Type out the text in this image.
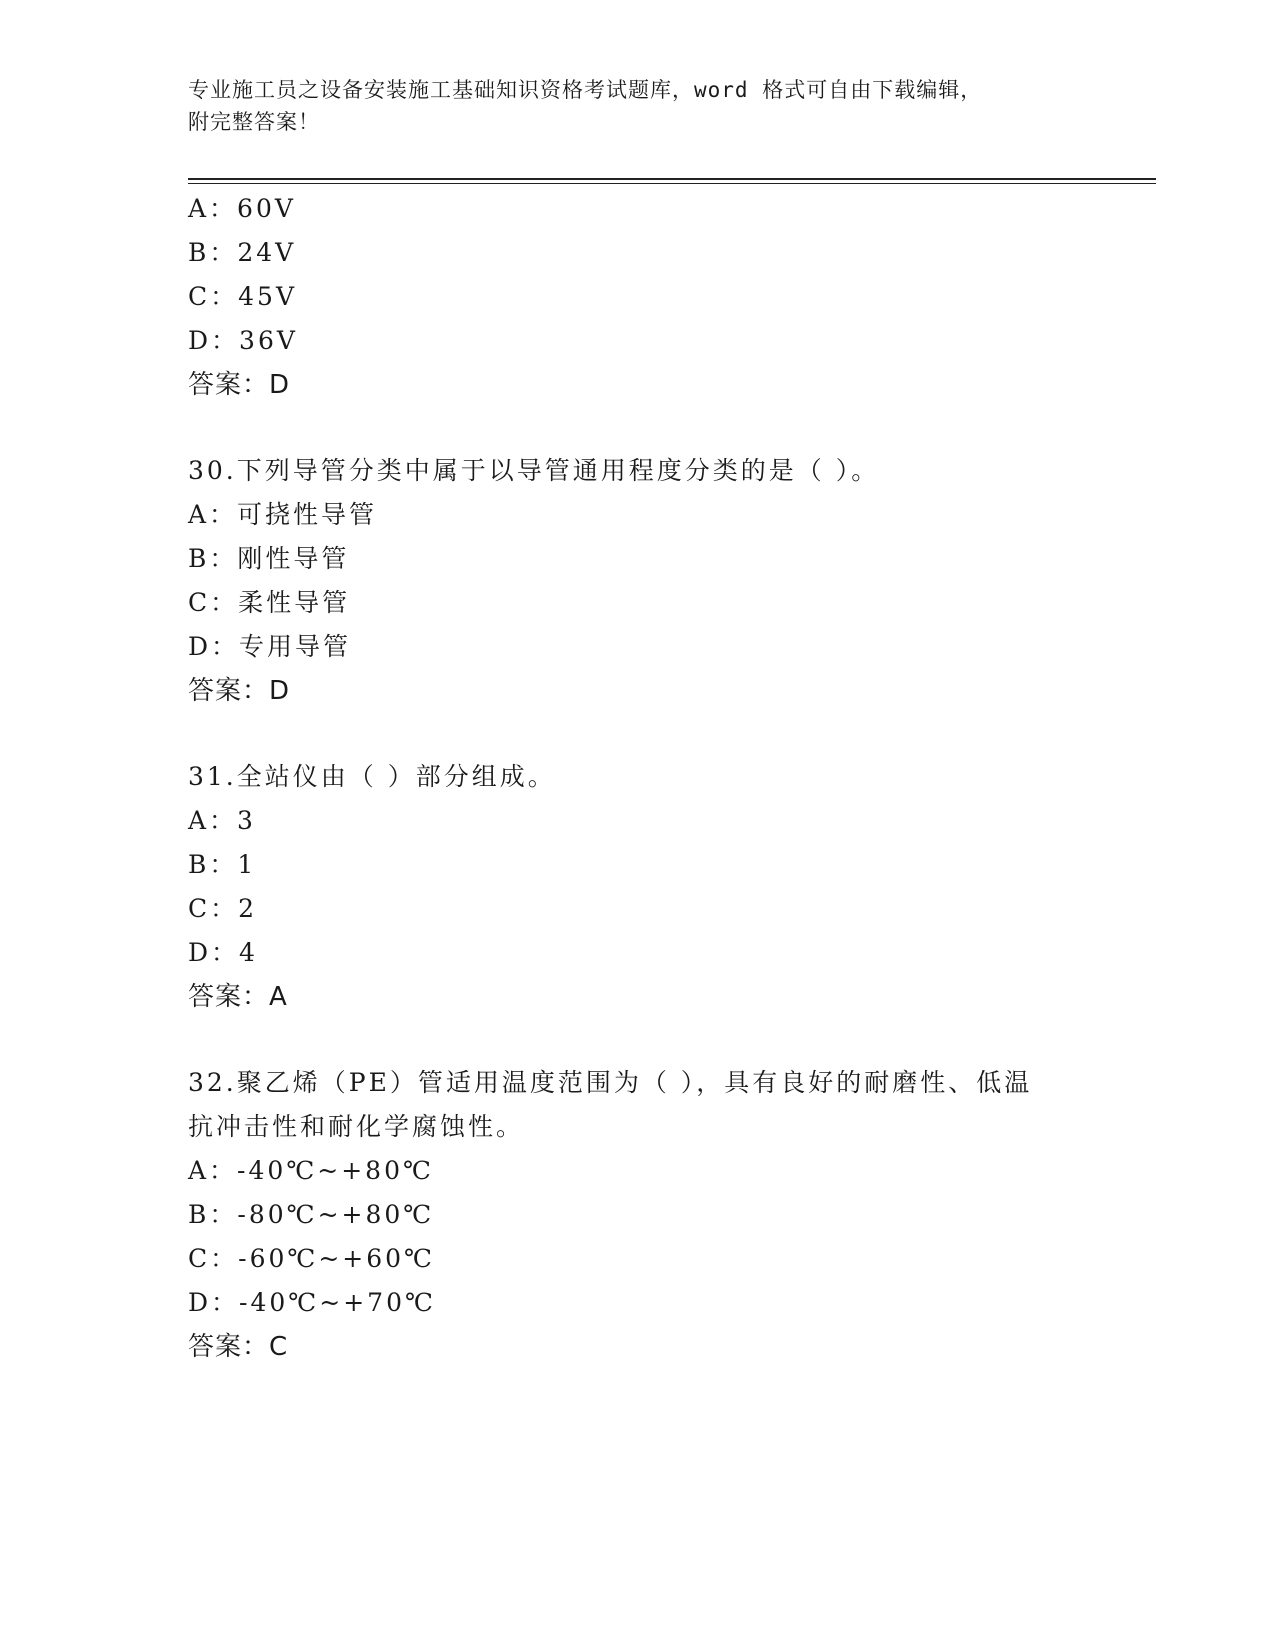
专业施工员之设备安装施工基础知识资格考试题库，word 格式可自由下载编辑，
附完整答案！
A：60V
B：24V
C：45V
D：36V
答案：D
30.下列导管分类中属于以导管通用程度分类的是（ ）。
A：可挠性导管
B：刚性导管
C：柔性导管
D：专用导管
答案：D
31.全站仪由（ ）部分组成。
A：3
B：1
C：2
D：4
答案：A
32.聚乙烯（PE）管适用温度范围为（ ），具有良好的耐磨性、低温
抗冲击性和耐化学腐蚀性。
A：-40℃~+80℃
B：-80℃~+80℃
C：-60℃~+60℃
D：-40℃~+70℃
答案：C
